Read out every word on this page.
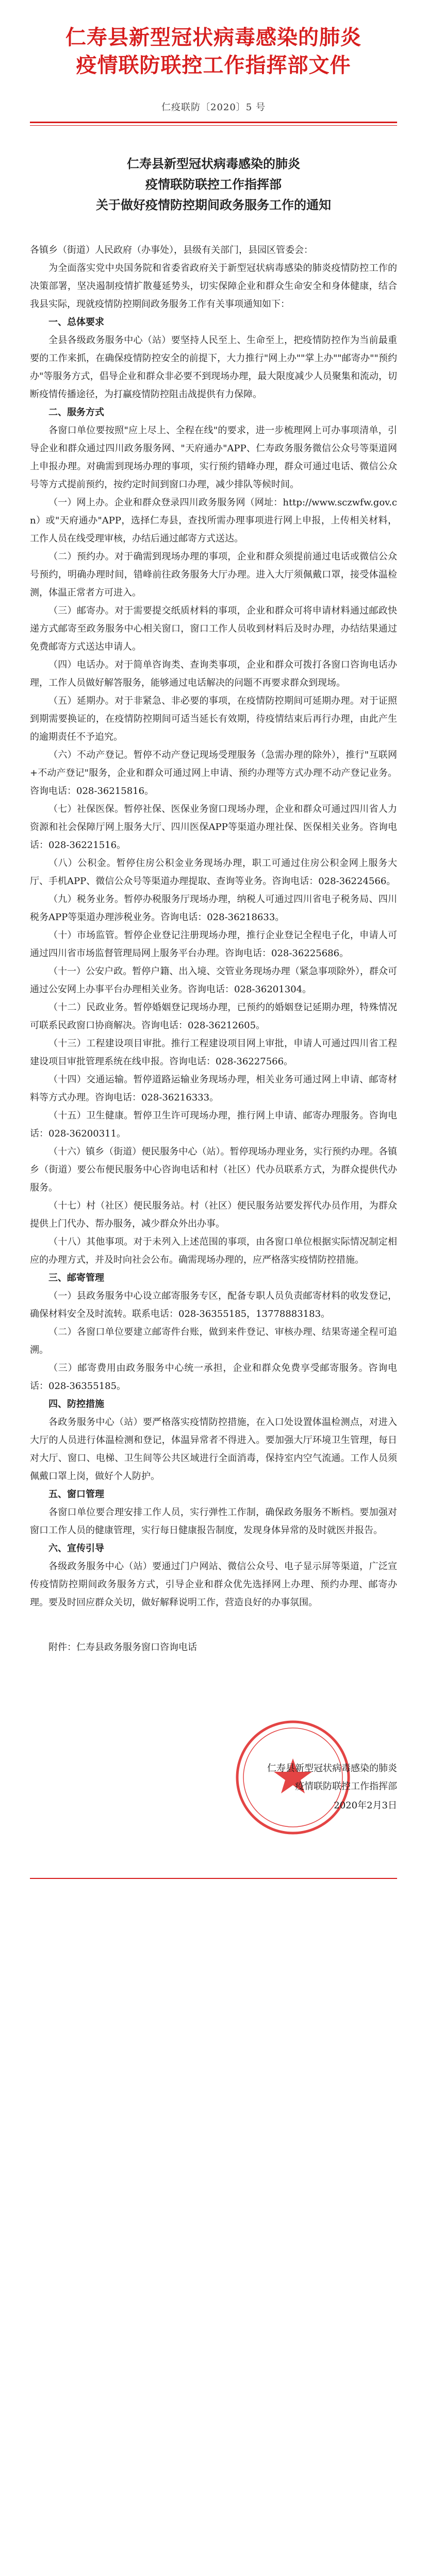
仁寿县新型冠状病毒感染的肺炎
疫情联防联控工作指挥部文件
仁疫联防〔2020〕5 号
仁寿县新型冠状病毒感染的肺炎
疫情联防联控工作指挥部
关于做好疫情防控期间政务服务工作的通知
各镇乡（街道）人民政府（办事处），县级有关部门，县园区管委会：

为全面落实党中央国务院和省委省政府关于新型冠状病毒感染的肺炎疫情防控工作的决策部署，坚决遏制疫情扩散蔓延势头，切实保障企业和群众生命安全和身体健康，结合我县实际，现就疫情防控期间政务服务工作有关事项通知如下：

一、总体要求

全县各级政务服务中心（站）要坚持人民至上、生命至上，把疫情防控作为当前最重要的工作来抓，在确保疫情防控安全的前提下，大力推行"网上办""掌上办""邮寄办""预约办"等服务方式，倡导企业和群众非必要不到现场办理，最大限度减少人员聚集和流动，切断疫情传播途径，为打赢疫情防控阻击战提供有力保障。

二、服务方式

各窗口单位要按照"应上尽上、全程在线"的要求，进一步梳理网上可办事项清单，引导企业和群众通过四川政务服务网、"天府通办"APP、仁寿政务服务微信公众号等渠道网上申报办理。对确需到现场办理的事项，实行预约错峰办理，群众可通过电话、微信公众号等方式提前预约，按约定时间到窗口办理，减少排队等候时间。

（一）网上办。企业和群众登录四川政务服务网（网址：http://www.sczwfw.gov.cn）或"天府通办"APP，选择仁寿县，查找所需办理事项进行网上申报，上传相关材料，工作人员在线受理审核，办结后通过邮寄方式送达。

（二）预约办。对于确需到现场办理的事项，企业和群众须提前通过电话或微信公众号预约，明确办理时间，错峰前往政务服务大厅办理。进入大厅须佩戴口罩，接受体温检测，体温正常者方可进入。

（三）邮寄办。对于需要提交纸质材料的事项，企业和群众可将申请材料通过邮政快递方式邮寄至政务服务中心相关窗口，窗口工作人员收到材料后及时办理，办结结果通过免费邮寄方式送达申请人。

（四）电话办。对于简单咨询类、查询类事项，企业和群众可拨打各窗口咨询电话办理，工作人员做好解答服务，能够通过电话解决的问题不再要求群众到现场。

（五）延期办。对于非紧急、非必要的事项，在疫情防控期间可延期办理。对于证照到期需要换证的，在疫情防控期间可适当延长有效期，待疫情结束后再行办理，由此产生的逾期责任不予追究。

（六）不动产登记。暂停不动产登记现场受理服务（急需办理的除外），推行"互联网+不动产登记"服务，企业和群众可通过网上申请、预约办理等方式办理不动产登记业务。咨询电话：028-36215816。

（七）社保医保。暂停社保、医保业务窗口现场办理，企业和群众可通过四川省人力资源和社会保障厅网上服务大厅、四川医保APP等渠道办理社保、医保相关业务。咨询电话：028-36221516。

（八）公积金。暂停住房公积金业务现场办理，职工可通过住房公积金网上服务大厅、手机APP、微信公众号等渠道办理提取、查询等业务。咨询电话：028-36224566。

（九）税务业务。暂停办税服务厅现场办理，纳税人可通过四川省电子税务局、四川税务APP等渠道办理涉税业务。咨询电话：028-36218633。

（十）市场监管。暂停企业登记注册现场办理，推行企业登记全程电子化，申请人可通过四川省市场监督管理局网上服务平台办理。咨询电话：028-36225686。

（十一）公安户政。暂停户籍、出入境、交管业务现场办理（紧急事项除外），群众可通过公安网上办事平台办理相关业务。咨询电话：028-36201304。

（十二）民政业务。暂停婚姻登记现场办理，已预约的婚姻登记延期办理，特殊情况可联系民政窗口协商解决。咨询电话：028-36212605。

（十三）工程建设项目审批。推行工程建设项目网上审批，申请人可通过四川省工程建设项目审批管理系统在线申报。咨询电话：028-36227566。

（十四）交通运输。暂停道路运输业务现场办理，相关业务可通过网上申请、邮寄材料等方式办理。咨询电话：028-36216333。

（十五）卫生健康。暂停卫生许可现场办理，推行网上申请、邮寄办理服务。咨询电话：028-36200311。

（十六）镇乡（街道）便民服务中心（站）。暂停现场办理业务，实行预约办理。各镇乡（街道）要公布便民服务中心咨询电话和村（社区）代办员联系方式，为群众提供代办服务。

（十七）村（社区）便民服务站。村（社区）便民服务站要发挥代办员作用，为群众提供上门代办、帮办服务，减少群众外出办事。

（十八）其他事项。对于未列入上述范围的事项，由各窗口单位根据实际情况制定相应的办理方式，并及时向社会公布。确需现场办理的，应严格落实疫情防控措施。

三、邮寄管理

（一）县政务服务中心设立邮寄服务专区，配备专职人员负责邮寄材料的收发登记，确保材料安全及时流转。联系电话：028-36355185，13778883183。

（二）各窗口单位要建立邮寄件台账，做到来件登记、审核办理、结果寄递全程可追溯。

（三）邮寄费用由政务服务中心统一承担，企业和群众免费享受邮寄服务。咨询电话：028-36355185。

四、防控措施

各政务服务中心（站）要严格落实疫情防控措施，在入口处设置体温检测点，对进入大厅的人员进行体温检测和登记，体温异常者不得进入。要加强大厅环境卫生管理，每日对大厅、窗口、电梯、卫生间等公共区域进行全面消毒，保持室内空气流通。工作人员须佩戴口罩上岗，做好个人防护。

五、窗口管理

各窗口单位要合理安排工作人员，实行弹性工作制，确保政务服务不断档。要加强对窗口工作人员的健康管理，实行每日健康报告制度，发现身体异常的及时就医并报告。

六、宣传引导

各级政务服务中心（站）要通过门户网站、微信公众号、电子显示屏等渠道，广泛宣传疫情防控期间政务服务方式，引导企业和群众优先选择网上办理、预约办理、邮寄办理。要及时回应群众关切，做好解释说明工作，营造良好的办事氛围。

附件：仁寿县政务服务窗口咨询电话

仁寿县新型冠状病毒感染的肺炎
疫情联防联控工作指挥部
2020年2月3日
